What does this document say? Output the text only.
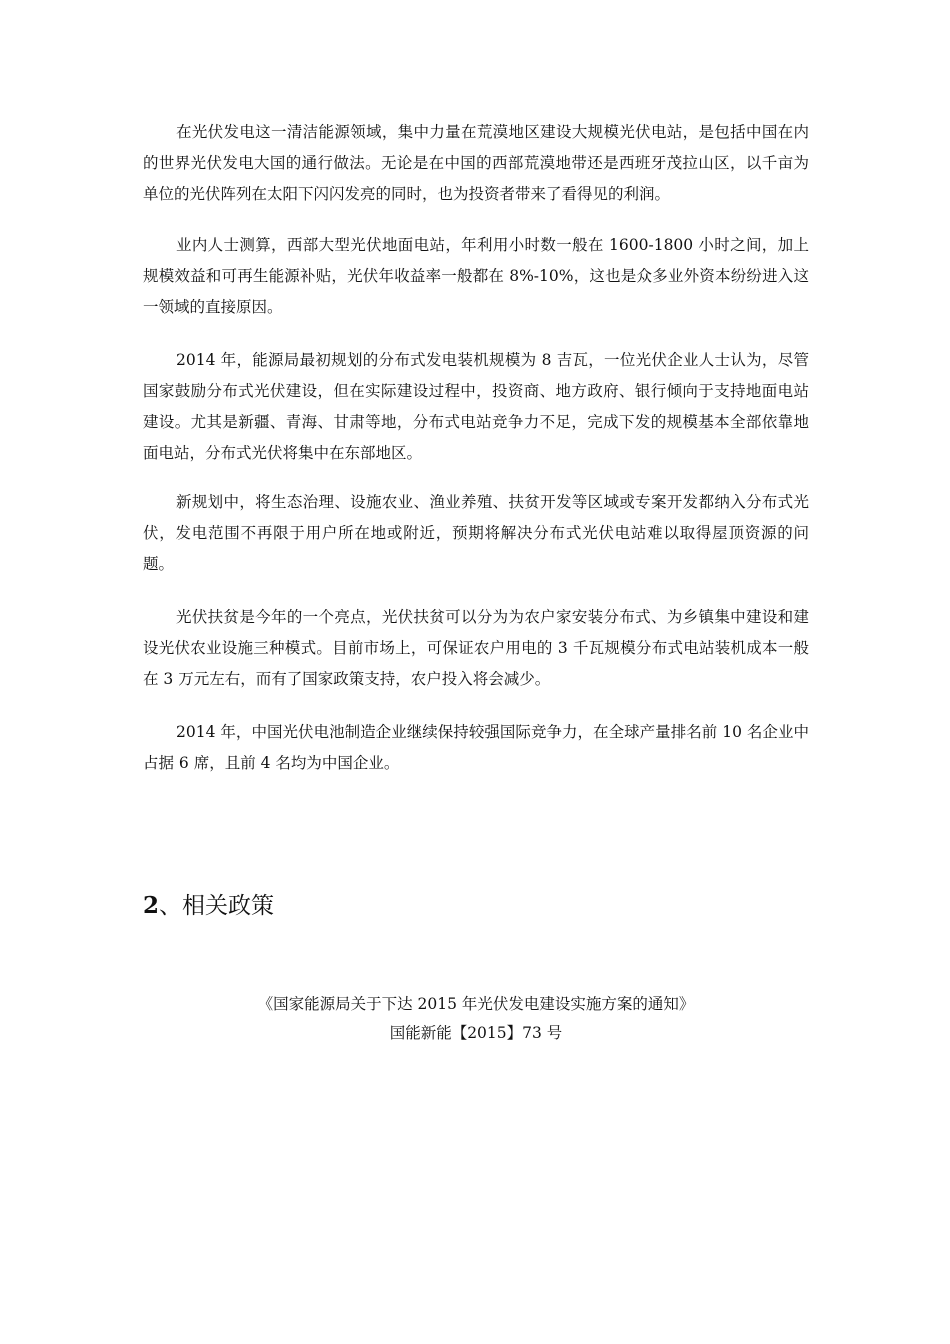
在光伏发电这一清洁能源领域，集中力量在荒漠地区建设大规模光伏电站，是包括中国在内的世界光伏发电大国的通行做法。无论是在中国的西部荒漠地带还是西班牙茂拉山区，以千亩为单位的光伏阵列在太阳下闪闪发亮的同时，也为投资者带来了看得见的利润。

业内人士测算，西部大型光伏地面电站，年利用小时数一般在 1600-1800 小时之间，加上规模效益和可再生能源补贴，光伏年收益率一般都在 8%-10%，这也是众多业外资本纷纷进入这一领域的直接原因。

2014 年，能源局最初规划的分布式发电装机规模为 8 吉瓦，一位光伏企业人士认为，尽管国家鼓励分布式光伏建设，但在实际建设过程中，投资商、地方政府、银行倾向于支持地面电站建设。尤其是新疆、青海、甘肃等地，分布式电站竞争力不足，完成下发的规模基本全部依靠地面电站，分布式光伏将集中在东部地区。

新规划中，将生态治理、设施农业、渔业养殖、扶贫开发等区域或专案开发都纳入分布式光伏，发电范围不再限于用户所在地或附近，预期将解决分布式光伏电站难以取得屋顶资源的问题。

光伏扶贫是今年的一个亮点，光伏扶贫可以分为为农户家安装分布式、为乡镇集中建设和建设光伏农业设施三种模式。目前市场上，可保证农户用电的 3 千瓦规模分布式电站装机成本一般在 3 万元左右，而有了国家政策支持，农户投入将会减少。

2014 年，中国光伏电池制造企业继续保持较强国际竞争力，在全球产量排名前 10 名企业中占据 6 席，且前 4 名均为中国企业。

2、相关政策

《国家能源局关于下达 2015 年光伏发电建设实施方案的通知》

国能新能【2015】73 号
